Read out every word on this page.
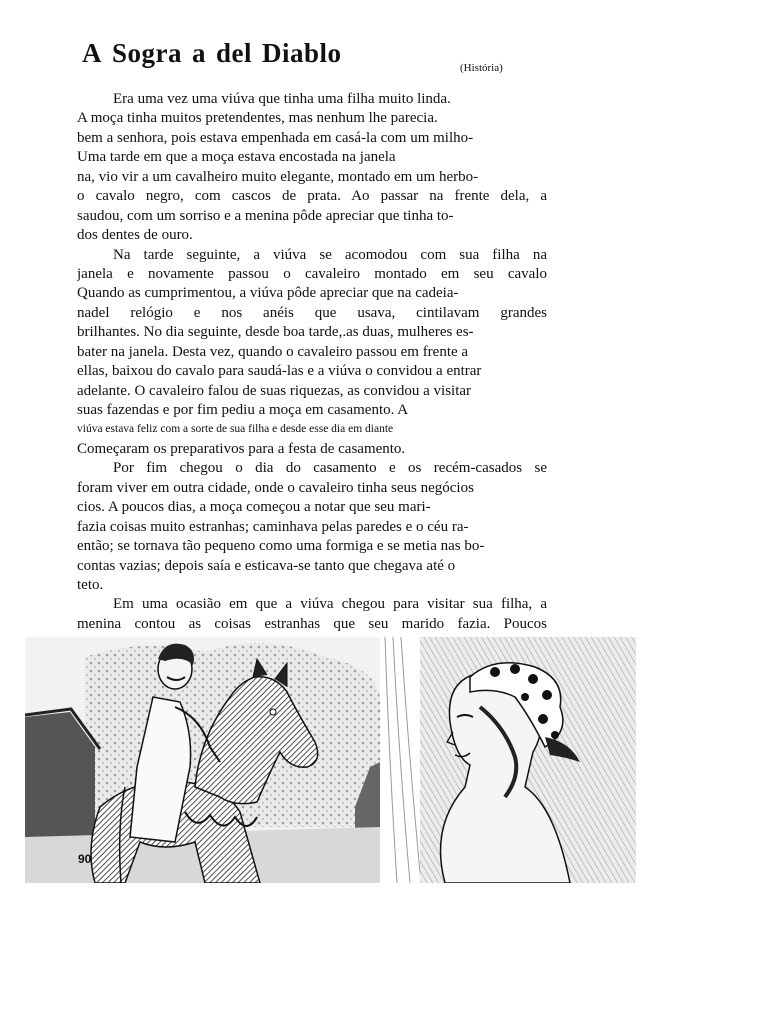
A Sogra a del Diablo	(História)
Era uma vez uma viúva que tinha uma filha muito linda.
A moça tinha muitos pretendentes, mas nenhum lhe parecia.
bem a senhora, pois estava empenhada em casá-la com um milho-
Uma tarde em que a moça estava encostada na janela
na, vio vir a um cavalheiro muito elegante, montado em um herbo-
o cavalo negro, com cascos de prata. Ao passar na frente dela, a
saudou, com um sorriso e a menina pôde apreciar que tinha to-
dos dentes de ouro.
Na tarde seguinte, a viúva se acomodou com sua filha na
janela e novamente passou o cavaleiro montado em seu cavalo
Quando as cumprimentou, a viúva pôde apreciar que na cadeia-
nadel relógio e nos anéis que usava, cintilavam grandes
brilhantes. No dia seguinte, desde boa tarde,.as duas, mulheres es-
bater na janela. Desta vez, quando o cavaleiro passou em frente a
ellas, baixou do cavalo para saudá-las e a viúva o convidou a entrar
adelante. O cavaleiro falou de suas riquezas, as convidou a visitar
suas fazendas e por fim pediu a moça em casamento. A
viúva estava feliz com a sorte de sua filha e desde esse dia em diante
Começaram os preparativos para a festa de casamento.
Por fim chegou o dia do casamento e os recém-casados se
foram viver em outra cidade, onde o cavaleiro tinha seus negócios
cios. A poucos dias, a moça começou a notar que seu mari-
fazia coisas muito estranhas; caminhava pelas paredes e o céu ra-
então; se tornava tão pequeno como uma formiga e se metia nas bo-
contas vazias; depois saía e esticava-se tanto que chegava até o
teto.
Em uma ocasião em que a viúva chegou para visitar sua filha, a
menina contou as coisas estranhas que seu marido fazia. Poucos
90
